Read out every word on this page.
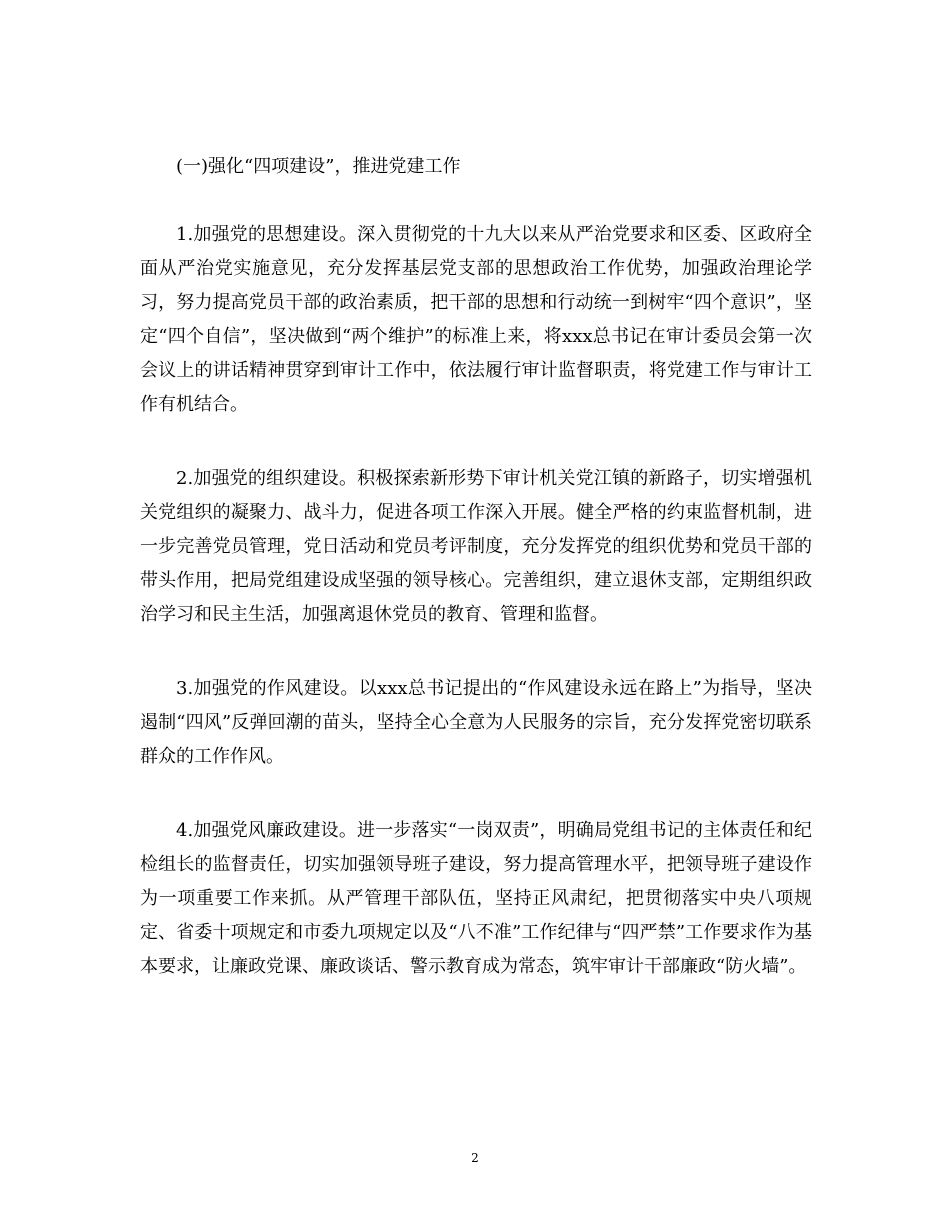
(一)强化“四项建设”，推进党建工作

1.加强党的思想建设。深入贯彻党的十九大以来从严治党要求和区委、区政府全面从严治党实施意见，充分发挥基层党支部的思想政治工作优势，加强政治理论学习，努力提高党员干部的政治素质，把干部的思想和行动统一到树牢“四个意识”，坚定“四个自信”，坚决做到“两个维护”的标准上来，将xxx总书记在审计委员会第一次会议上的讲话精神贯穿到审计工作中，依法履行审计监督职责，将党建工作与审计工作有机结合。

2.加强党的组织建设。积极探索新形势下审计机关党江镇的新路子，切实增强机关党组织的凝聚力、战斗力，促进各项工作深入开展。健全严格的约束监督机制，进一步完善党员管理，党日活动和党员考评制度，充分发挥党的组织优势和党员干部的带头作用，把局党组建设成坚强的领导核心。完善组织，建立退休支部，定期组织政治学习和民主生活，加强离退休党员的教育、管理和监督。

3.加强党的作风建设。以xxx总书记提出的“作风建设永远在路上”为指导，坚决遏制“四风”反弹回潮的苗头，坚持全心全意为人民服务的宗旨，充分发挥党密切联系群众的工作作风。

4.加强党风廉政建设。进一步落实“一岗双责”，明确局党组书记的主体责任和纪检组长的监督责任，切实加强领导班子建设，努力提高管理水平，把领导班子建设作为一项重要工作来抓。从严管理干部队伍，坚持正风肃纪，把贯彻落实中央八项规定、省委十项规定和市委九项规定以及“八不准”工作纪律与“四严禁”工作要求作为基本要求，让廉政党课、廉政谈话、警示教育成为常态，筑牢审计干部廉政“防火墙”。

2
